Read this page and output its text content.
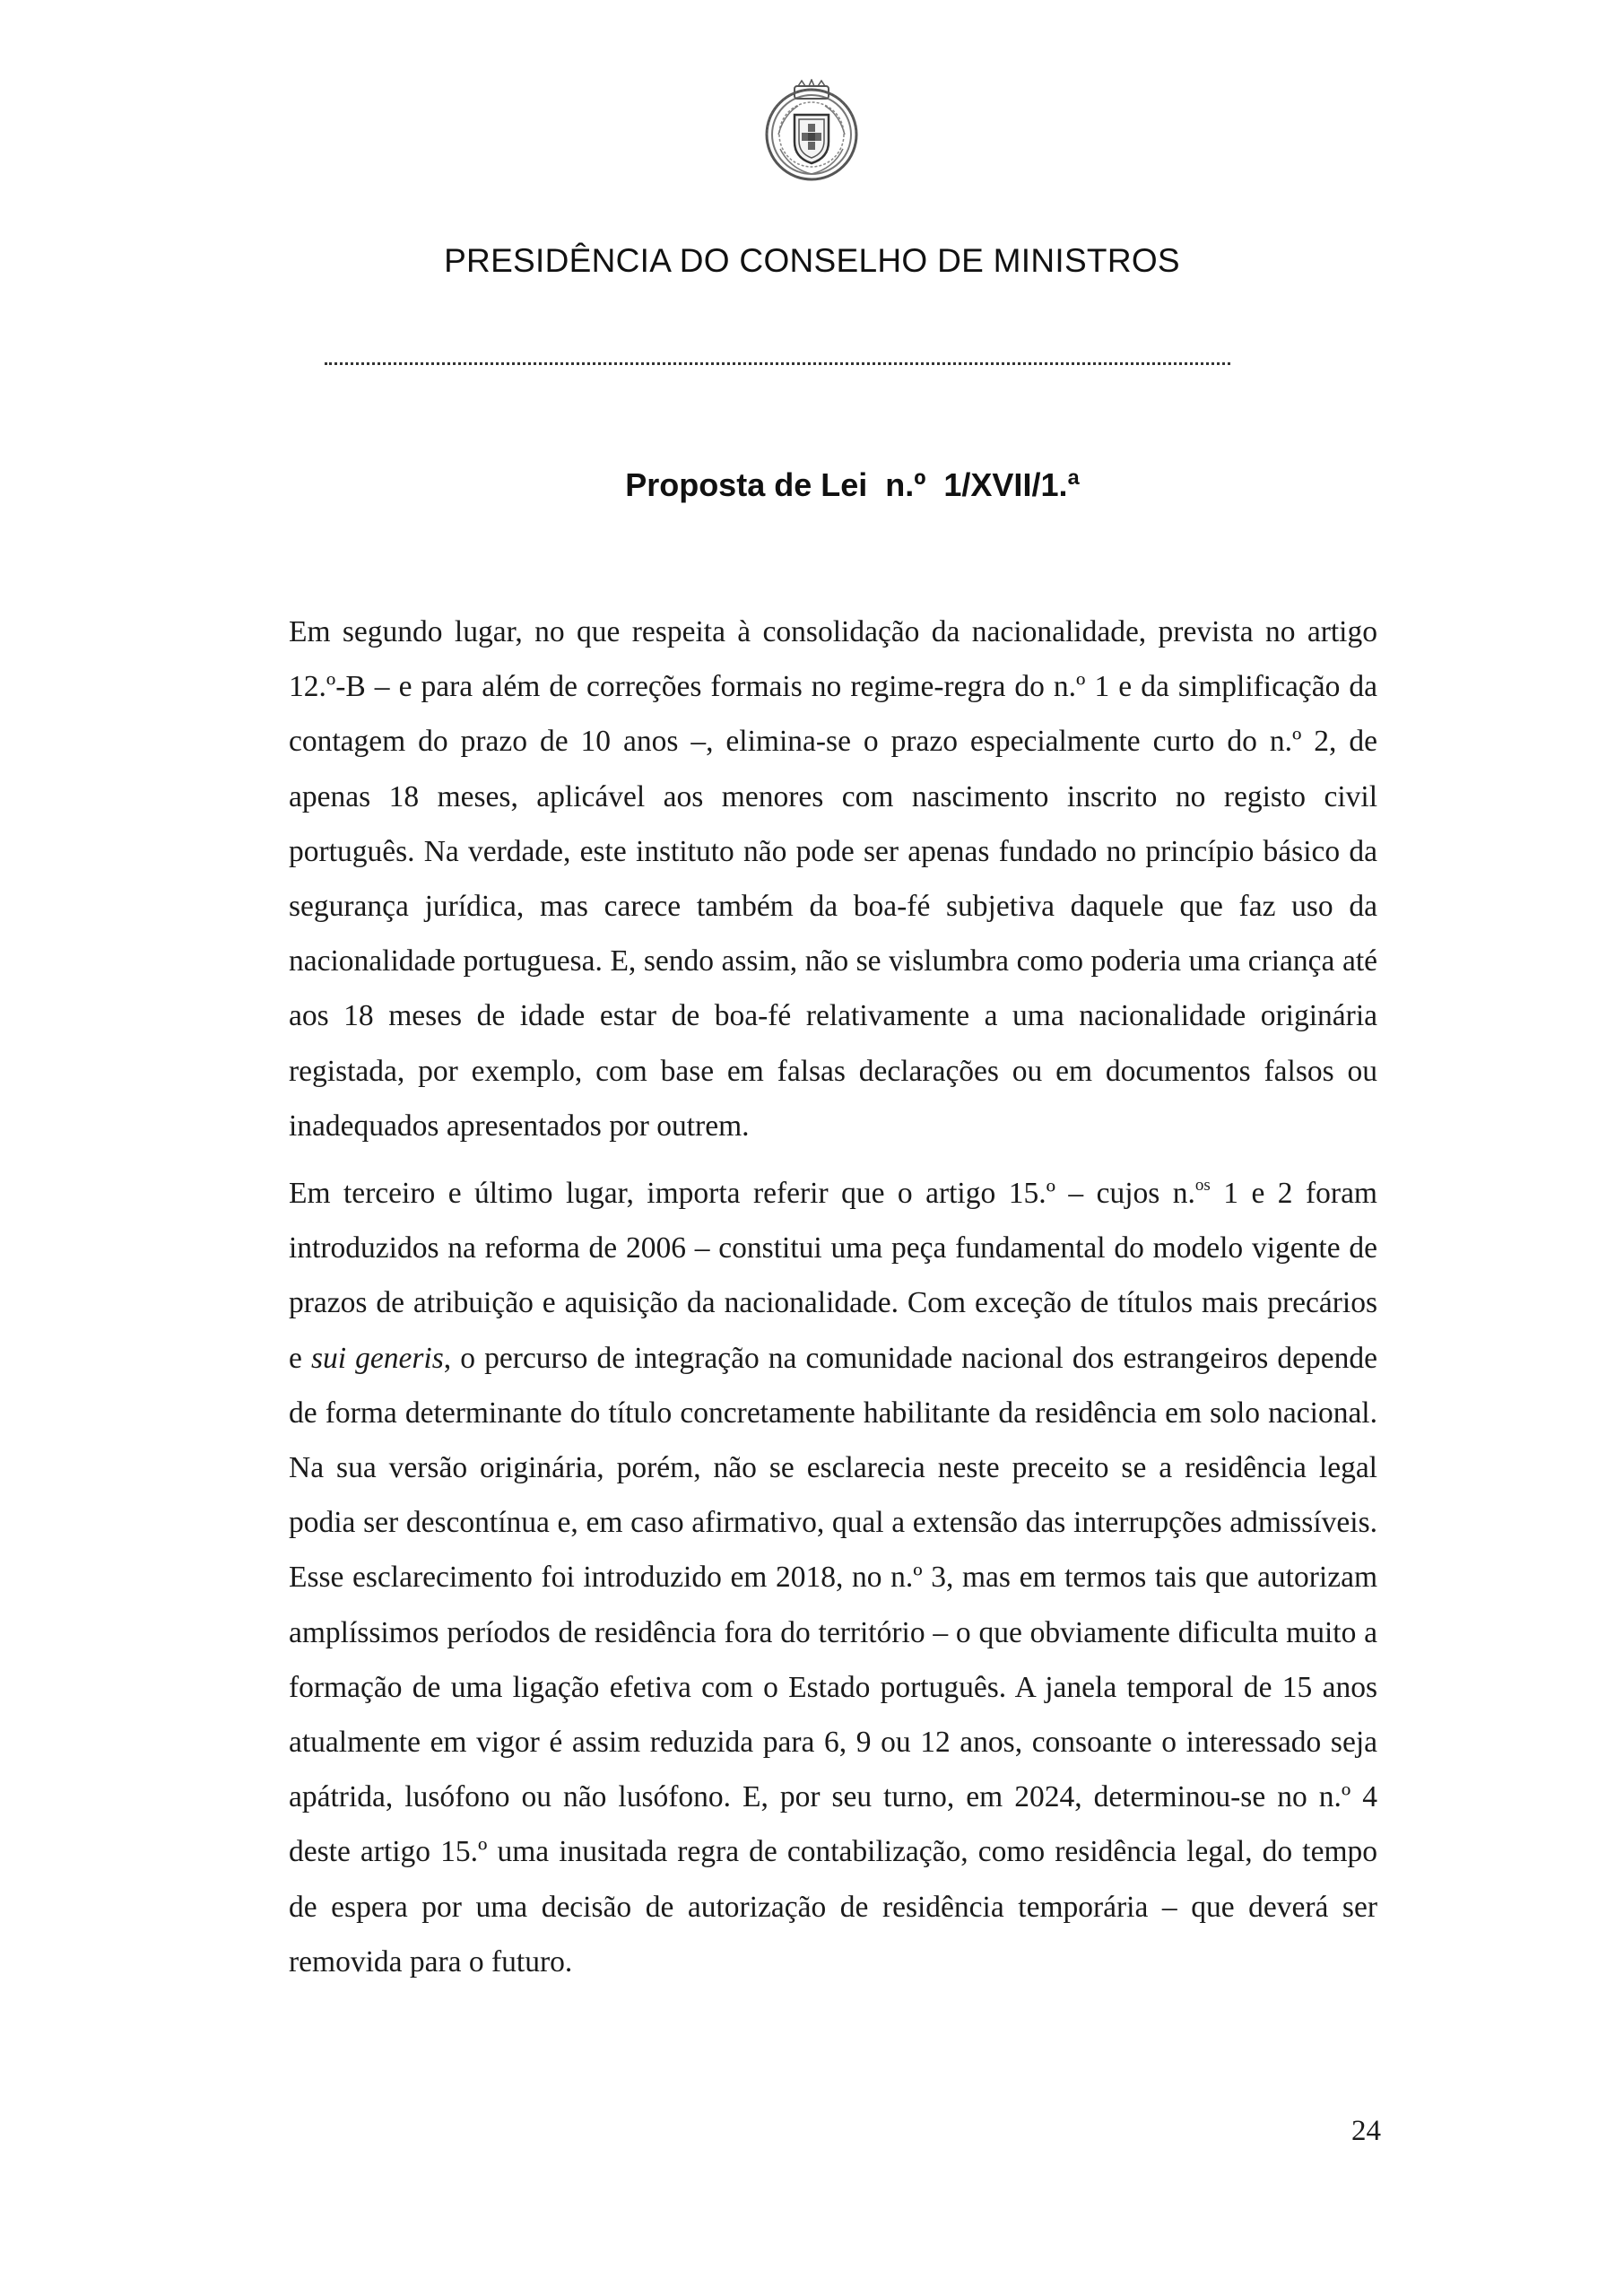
PRESIDÊNCIA DO CONSELHO DE MINISTROS
Proposta de Lei  n.º  1/XVII/1.ª

Em segundo lugar, no que respeita à consolidação da nacionalidade, prevista no artigo 12.º-B – e para além de correções formais no regime-regra do n.º 1 e da simplificação da contagem do prazo de 10 anos –, elimina-se o prazo especialmente curto do n.º 2, de apenas 18 meses, aplicável aos menores com nascimento inscrito no registo civil português. Na verdade, este instituto não pode ser apenas fundado no princípio básico da segurança jurídica, mas carece também da boa-fé subjetiva daquele que faz uso da nacionalidade portuguesa. E, sendo assim, não se vislumbra como poderia uma criança até aos 18 meses de idade estar de boa-fé relativamente a uma nacionalidade originária registada, por exemplo, com base em falsas declarações ou em documentos falsos ou inadequados apresentados por outrem.

Em terceiro e último lugar, importa referir que o artigo 15.º – cujos n.$^{os}$ 1 e 2 foram introduzidos na reforma de 2006 – constitui uma peça fundamental do modelo vigente de prazos de atribuição e aquisição da nacionalidade. Com exceção de títulos mais precários e sui generis, o percurso de integração na comunidade nacional dos estrangeiros depende de forma determinante do título concretamente habilitante da residência em solo nacional. Na sua versão originária, porém, não se esclarecia neste preceito se a residência legal podia ser descontínua e, em caso afirmativo, qual a extensão das interrupções admissíveis. Esse esclarecimento foi introduzido em 2018, no n.º 3, mas em termos tais que autorizam amplíssimos períodos de residência fora do território – o que obviamente dificulta muito a formação de uma ligação efetiva com o Estado português. A janela temporal de 15 anos atualmente em vigor é assim reduzida para 6, 9 ou 12 anos, consoante o interessado seja apátrida, lusófono ou não lusófono. E, por seu turno, em 2024, determinou-se no n.º 4 deste artigo 15.º uma inusitada regra de contabilização, como residência legal, do tempo de espera por uma decisão de autorização de residência temporária – que deverá ser removida para o futuro.

24
